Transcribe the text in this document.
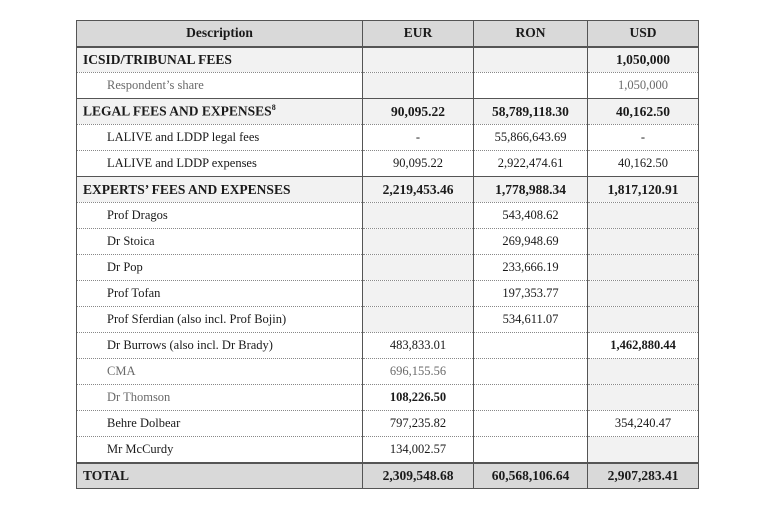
Description	EUR	RON	USD
ICSID/TRIBUNAL FEES			1,050,000
Respondent’s share			1,050,000
LEGAL FEES AND EXPENSES$^8$	90,095.22	58,789,118.30	40,162.50
LALIVE and LDDP legal fees	-	55,866,643.69	-
LALIVE and LDDP expenses	90,095.22	2,922,474.61	40,162.50
EXPERTS’ FEES AND EXPENSES	2,219,453.46	1,778,988.34	1,817,120.91
Prof Dragos		543,408.62	
Dr Stoica		269,948.69	
Dr Pop		233,666.19	
Prof Tofan		197,353.77	
Prof Sferdian (also incl. Prof Bojin)		534,611.07	
Dr Burrows (also incl. Dr Brady)	483,833.01		1,462,880.44
CMA	696,155.56		
Dr Thomson	108,226.50		
Behre Dolbear	797,235.82		354,240.47
Mr McCurdy	134,002.57		
TOTAL	2,309,548.68	60,568,106.64	2,907,283.41
